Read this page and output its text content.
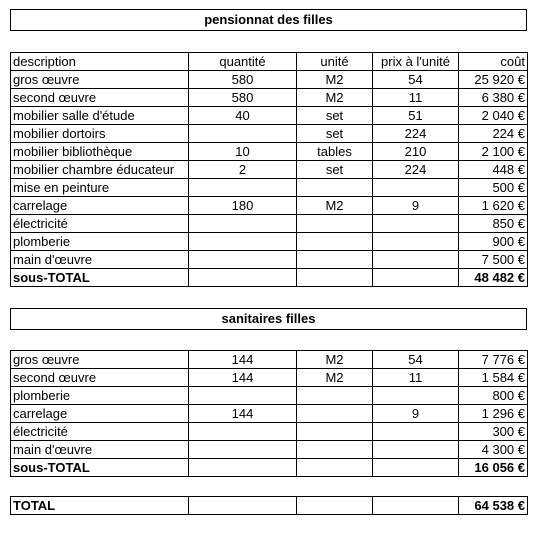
pensionnat des filles
description	quantité	unité	prix à l'unité	coût
gros œuvre	580	M2	54	25 920 €
second œuvre	580	M2	11	6 380 €
mobilier salle d'étude	40	set	51	2 040 €
mobilier dortoirs		set	224	224 €
mobilier bibliothèque	10	tables	210	2 100 €
mobilier chambre éducateur	2	set	224	448 €
mise en peinture				500 €
carrelage	180	M2	9	1 620 €
électricité				850 €
plomberie				900 €
main d'œuvre				7 500 €
sous-TOTAL				48 482 €
sanitaires filles
gros œuvre	144	M2	54	7 776 €
second œuvre	144	M2	11	1 584 €
plomberie				800 €
carrelage	144		9	1 296 €
électricité				300 €
main d'œuvre				4 300 €
sous-TOTAL				16 056 €
TOTAL				64 538 €
